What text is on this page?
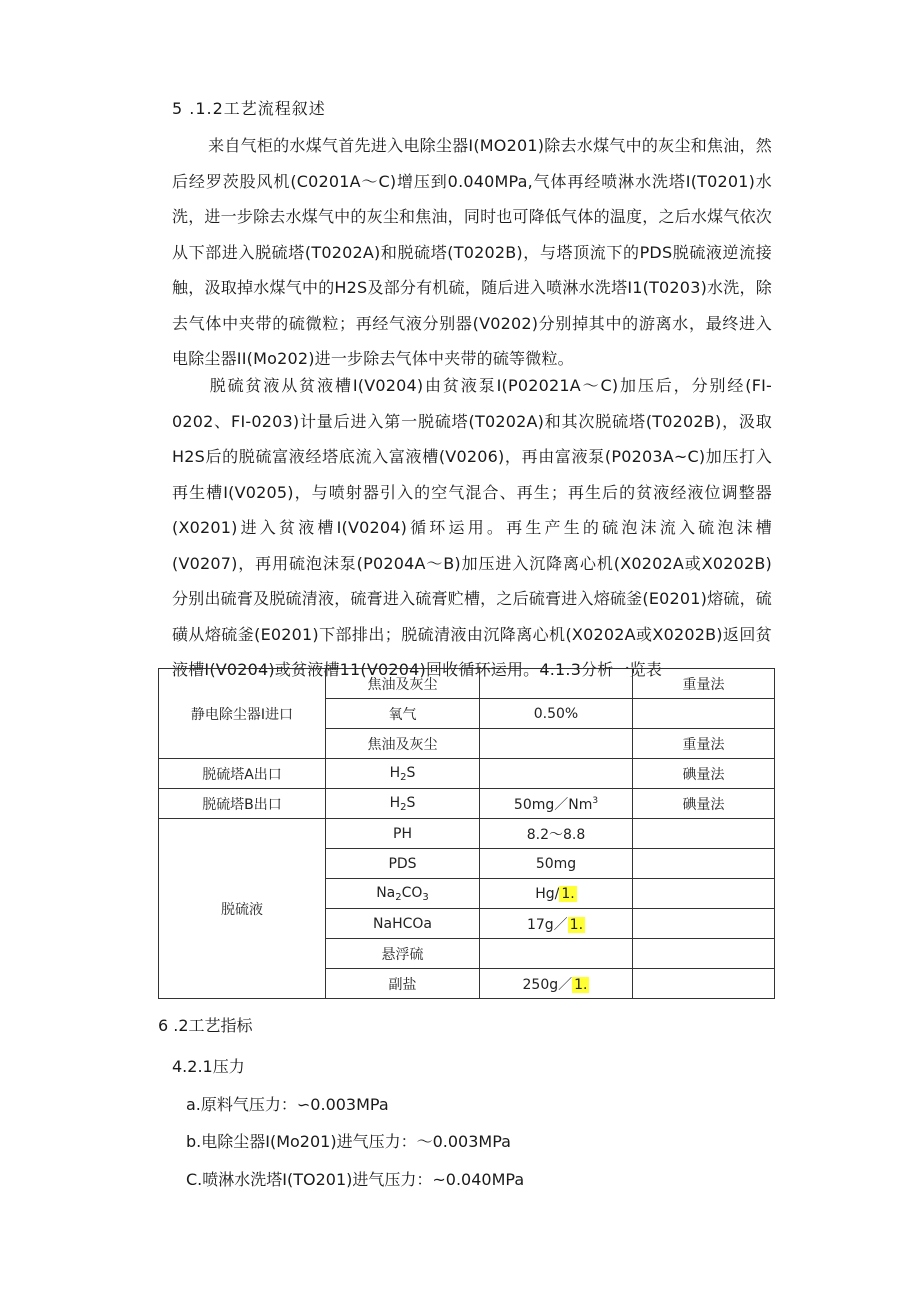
5 .1.2工艺流程叙述

来自气柜的水煤气首先进入电除尘器I(MO201)除去水煤气中的灰尘和焦油，然后经罗茨股风机(C0201A～C)增压到0.040MPa,气体再经喷淋水洗塔I(T0201)水洗，进一步除去水煤气中的灰尘和焦油，同时也可降低气体的温度，之后水煤气依次从下部进入脱硫塔(T0202A)和脱硫塔(T0202B)，与塔顶流下的PDS脱硫液逆流接触，汲取掉水煤气中的H2S及部分有机硫，随后进入喷淋水洗塔I1(T0203)水洗，除去气体中夹带的硫微粒；再经气液分别器(V0202)分别掉其中的游离水，最终进入电除尘器II(Mo202)进一步除去气体中夹带的硫等微粒。

脱硫贫液从贫液槽I(V0204)由贫液泵I(P02021A～C)加压后，分别经(FI-0202、FI-0203)计量后进入第一脱硫塔(T0202A)和其次脱硫塔(T0202B)，汲取H2S后的脱硫富液经塔底流入富液槽(V0206)，再由富液泵(P0203A~C)加压打入再生槽I(V0205)，与喷射器引入的空气混合、再生；再生后的贫液经液位调整器(X0201)进入贫液槽I(V0204)循环运用。再生产生的硫泡沫流入硫泡沫槽(V0207)，再用硫泡沫泵(P0204A～B)加压进入沉降离心机(X0202Α或X0202B)分别出硫膏及脱硫清液，硫膏进入硫膏贮槽，之后硫膏进入熔硫釜(E0201)熔硫，硫磺从熔硫釜(E0201)下部排出；脱硫清液由沉降离心机(X0202A或X0202B)返回贫液槽I(V0204)或贫液槽11(V0204)回收循环运用。4.1.3分析一览表

静电除尘器I进口	焦油及灰尘		重量法
	氧气	0.50%	
	焦油及灰尘		重量法
脱硫塔A出口	$H_2S$		碘量法
脱硫塔B出口	$H_2S$	50mg／Nm$^3$	碘量法
脱硫液	PH	8.2～8.8	
	PDS	50mg	
	$Na_2CO_3$	Hg/ 1.	
	NaHCOa	17g／ 1.	
	悬浮硫		
	副盐	250g／ 1.	
6 .2工艺指标
4.2.1压力
a.原料气压力：∽0.003MPa
b.电除尘器I(Mo201)进气压力：～0.003MPa
C.喷淋水洗塔I(TO201)进气压力：~0.040MPa
